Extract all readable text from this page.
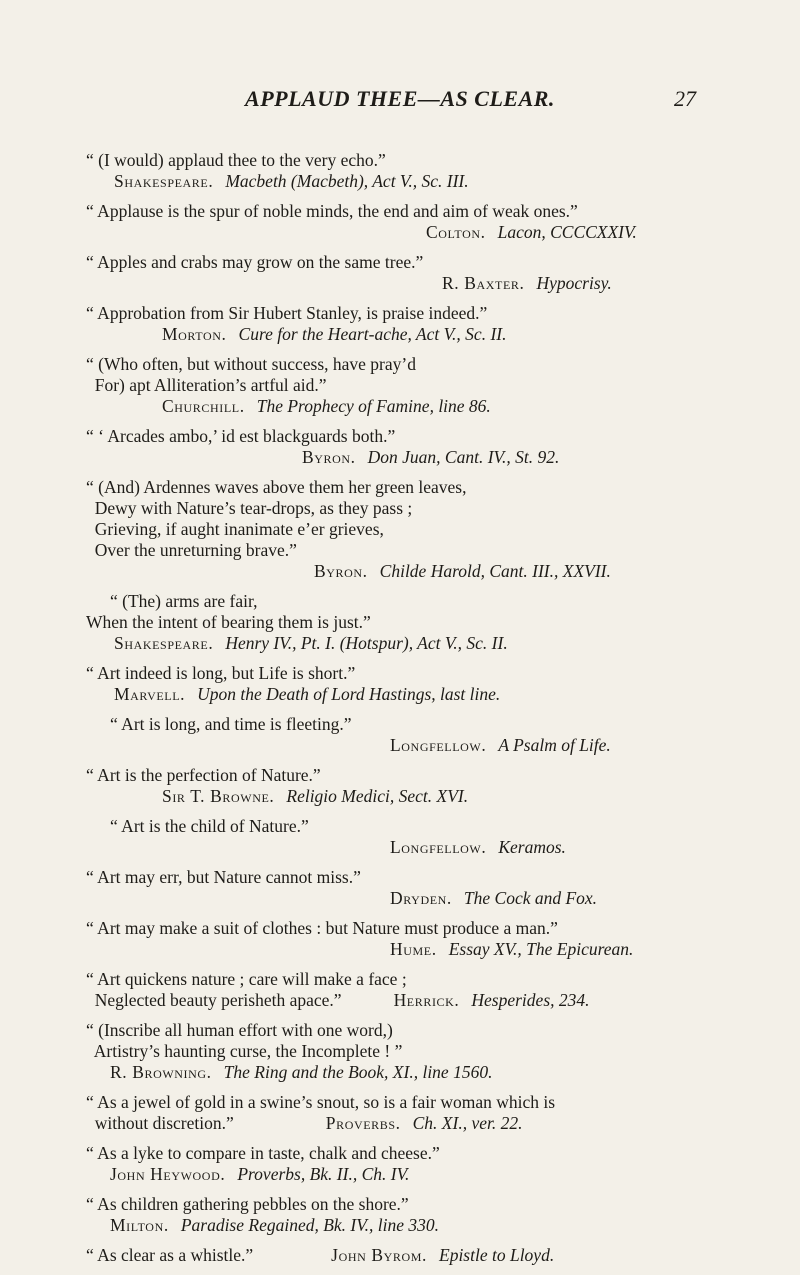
APPLAUD THEE—AS CLEAR.	27
“ (I would) applaud thee to the very echo.”
Shakespeare. Macbeth (Macbeth), Act V., Sc. III.
“ Applause is the spur of noble minds, the end and aim of weak ones.”
Colton. Lacon, CCCCXXIV.
“ Apples and crabs may grow on the same tree.”
R. Baxter. Hypocrisy.
“ Approbation from Sir Hubert Stanley, is praise indeed.”
Morton. Cure for the Heart-ache, Act V., Sc. II.
“ (Who often, but without success, have pray’d
For) apt Alliteration’s artful aid.”
Churchill. The Prophecy of Famine, line 86.
“ ‘ Arcades ambo,’ id est blackguards both.”
Byron. Don Juan, Cant. IV., St. 92.
“ (And) Ardennes waves above them her green leaves,
Dewy with Nature’s tear-drops, as they pass ;
Grieving, if aught inanimate e’er grieves,
Over the unreturning brave.”
Byron. Childe Harold, Cant. III., XXVII.
“ (The) arms are fair,
When the intent of bearing them is just.”
Shakespeare. Henry IV., Pt. I. (Hotspur), Act V., Sc. II.
“ Art indeed is long, but Life is short.”
Marvell. Upon the Death of Lord Hastings, last line.
“ Art is long, and time is fleeting.”
Longfellow. A Psalm of Life.
“ Art is the perfection of Nature.”
Sir T. Browne. Religio Medici, Sect. XVI.
“ Art is the child of Nature.”
Longfellow. Keramos.
“ Art may err, but Nature cannot miss.”
Dryden. The Cock and Fox.
“ Art may make a suit of clothes : but Nature must produce a man.”
Hume. Essay XV., The Epicurean.
“ Art quickens nature ; care will make a face ;
Neglected beauty perisheth apace.”	Herrick. Hesperides, 234.
“ (Inscribe all human effort with one word,)
Artistry’s haunting curse, the Incomplete ! ”
R. Browning. The Ring and the Book, XI., line 1560.
“ As a jewel of gold in a swine’s snout, so is a fair woman which is
without discretion.”	Proverbs. Ch. XI., ver. 22.
“ As a lyke to compare in taste, chalk and cheese.”
John Heywood. Proverbs, Bk. II., Ch. IV.
“ As children gathering pebbles on the shore.”
Milton. Paradise Regained, Bk. IV., line 330.
“ As clear as a whistle.”	John Byrom. Epistle to Lloyd.
